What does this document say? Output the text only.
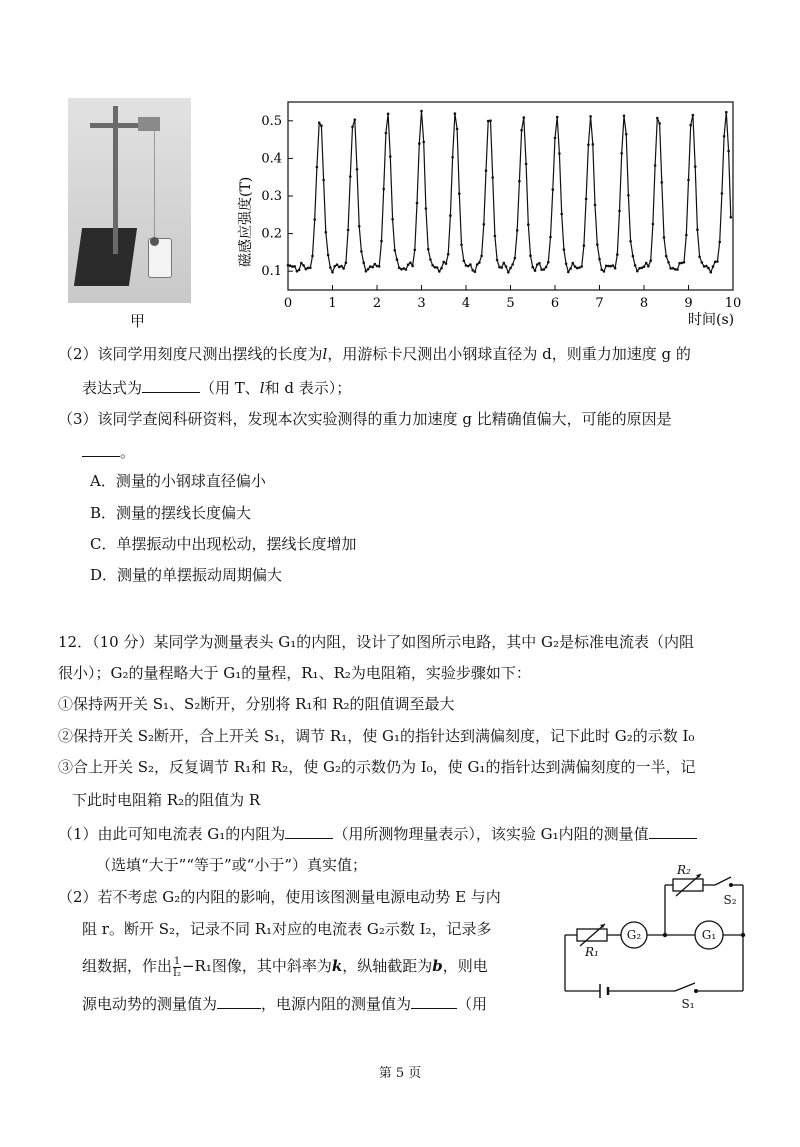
甲
0	1	2	3	4	5	6	7	8	9 10
0.1
0.2
0.3
0.4
0.5
磁感应强度(T)
时间(s)
（2）该同学用刻度尺测出摆线的长度为l，用游标卡尺测出小钢球直径为 d，则重力加速度 g 的
表达式为	（用 T、l和 d 表示）；
（3）该同学查阅科研资料，发现本次实验测得的重力加速度 g 比精确值偏大，可能的原因是
。
A．测量的小钢球直径偏小
B．测量的摆线长度偏大
C．单摆振动中出现松动，摆线长度增加
D．测量的单摆振动周期偏大
12．（10 分）某同学为测量表头 G₁的内阻，设计了如图所示电路，其中 G₂是标准电流表（内阻
很小）；G₂的量程略大于 G₁的量程，R₁、R₂为电阻箱，实验步骤如下：
①保持两开关 S₁、S₂断开，分别将 R₁和 R₂的阻值调至最大
②保持开关 S₂断开，合上开关 S₁，调节 R₁，使 G₁的指针达到满偏刻度，记下此时 G₂的示数 I₀
③合上开关 S₂，反复调节 R₁和 R₂，使 G₂的示数仍为 I₀，使 G₁的指针达到满偏刻度的一半，记
下此时电阻箱 R₂的阻值为 R
（1）由此可知电流表 G₁的内阻为	（用所测物理量表示），该实验 G₁内阻的测量值
（选填“大于”“等于”或“小于”）真实值；
（2）若不考虑 G₂的内阻的影响，使用该图测量电源电动势 E 与内
阻 r。断开 S₂，记录不同 R₁对应的电流表 G₂示数 I₂，记录多
组数据，作出 $\frac{1}{\text{I₂}} -R_1$图像，其中斜率为k，纵轴截距为b，则电
源电动势的测量值为	，电源内阻的测量值为	（用
R₁
R₂
G₂	G₁
S₂
S₁
第 5 页
